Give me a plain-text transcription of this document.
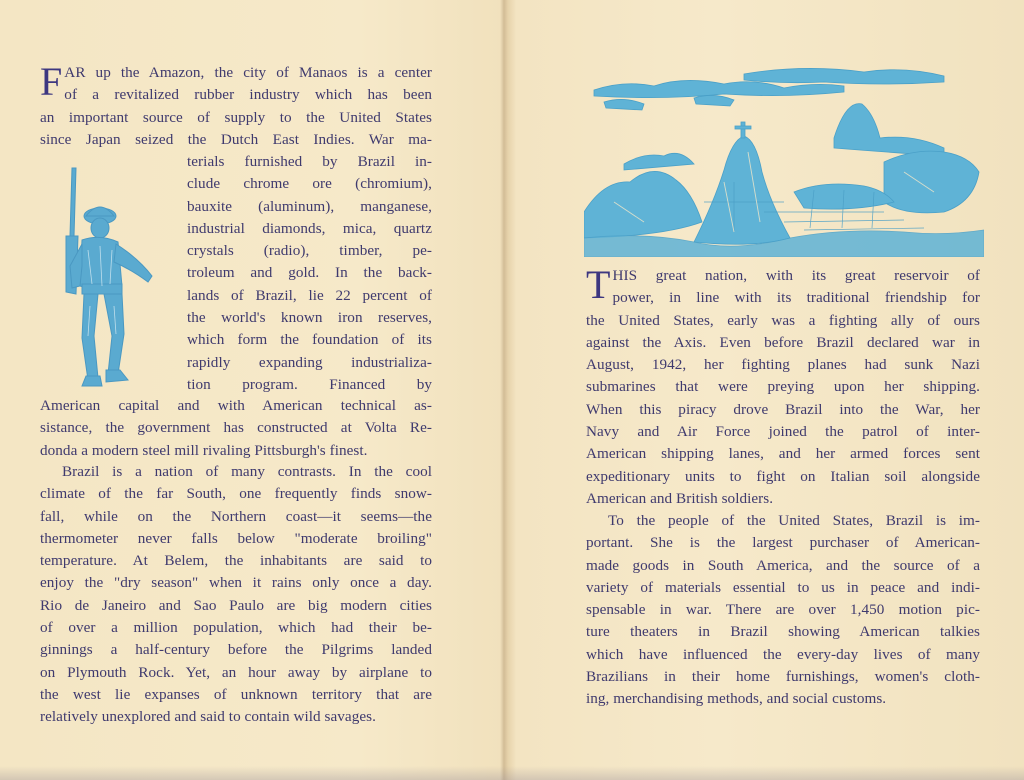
F AR up the Amazon, the city of Manaos is a center
of a revitalized rubber industry which has been
an important source of supply to the United States
since Japan seized the Dutch East Indies. War ma-
terials furnished by Brazil in-
clude chrome ore (chromium),
bauxite (aluminum), manganese,
industrial diamonds, mica, quartz
crystals (radio), timber, pe-
troleum and gold. In the back-
lands of Brazil, lie 22 percent of
the world's known iron reserves,
which form the foundation of its
rapidly expanding industrializa-
tion program. Financed by
American capital and with American technical as-
sistance, the government has constructed at Volta Re-
donda a modern steel mill rivaling Pittsburgh's finest.
Brazil is a nation of many contrasts. In the cool
climate of the far South, one frequently finds snow-
fall, while on the Northern coast—it seems—the
thermometer never falls below "moderate broiling"
temperature. At Belem, the inhabitants are said to
enjoy the "dry season" when it rains only once a day.
Rio de Janeiro and Sao Paulo are big modern cities
of over a million population, which had their be-
ginnings a half-century before the Pilgrims landed
on Plymouth Rock. Yet, an hour away by airplane to
the west lie expanses of unknown territory that are
relatively unexplored and said to contain wild savages.
T HIS great nation, with its great reservoir of
power, in line with its traditional friendship for
the United States, early was a fighting ally of ours
against the Axis. Even before Brazil declared war in
August, 1942, her fighting planes had sunk Nazi
submarines that were preying upon her shipping.
When this piracy drove Brazil into the War, her
Navy and Air Force joined the patrol of inter-
American shipping lanes, and her armed forces sent
expeditionary units to fight on Italian soil alongside
American and British soldiers.
To the people of the United States, Brazil is im-
portant. She is the largest purchaser of American-
made goods in South America, and the source of a
variety of materials essential to us in peace and indi-
spensable in war. There are over 1,450 motion pic-
ture theaters in Brazil showing American talkies
which have influenced the every-day lives of many
Brazilians in their home furnishings, women's cloth-
ing, merchandising methods, and social customs.
